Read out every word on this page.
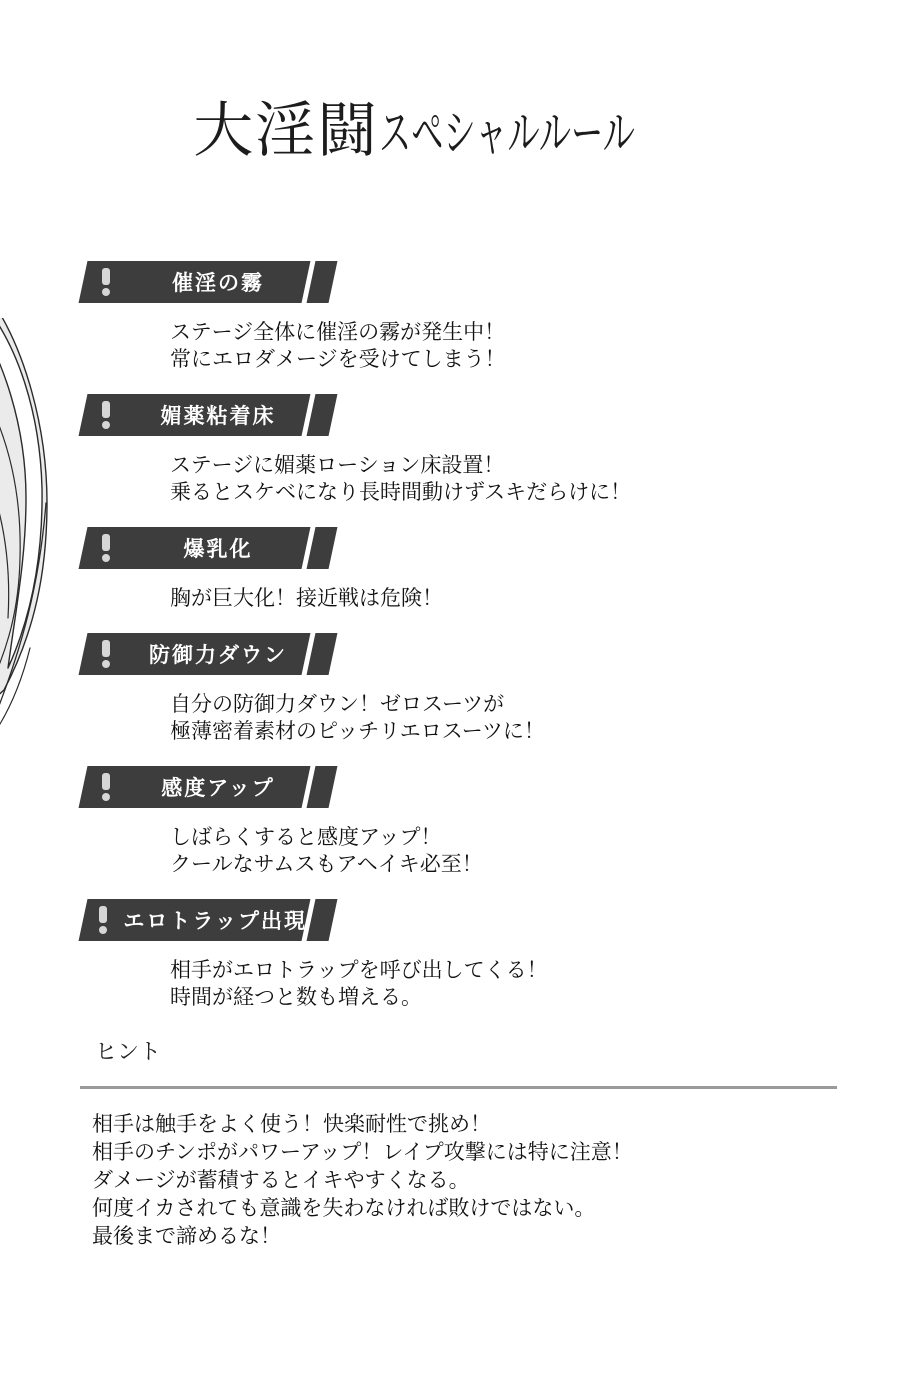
大淫闘スペシャルルール
催淫の霧
ステージ全体に催淫の霧が発生中！
常にエロダメージを受けてしまう！
媚薬粘着床
ステージに媚薬ローション床設置！
乗るとスケベになり長時間動けずスキだらけに！
爆乳化
胸が巨大化！接近戦は危険！
防御力ダウン
自分の防御力ダウン！ゼロスーツが
極薄密着素材のピッチリエロスーツに！
感度アップ
しばらくすると感度アップ！
クールなサムスもアヘイキ必至！
エロトラップ出現
相手がエロトラップを呼び出してくる！
時間が経つと数も増える。
ヒント
相手は触手をよく使う！快楽耐性で挑め！
相手のチンポがパワーアップ！レイプ攻撃には特に注意！
ダメージが蓄積するとイキやすくなる。
何度イカされても意識を失わなければ敗けではない。
最後まで諦めるな！
